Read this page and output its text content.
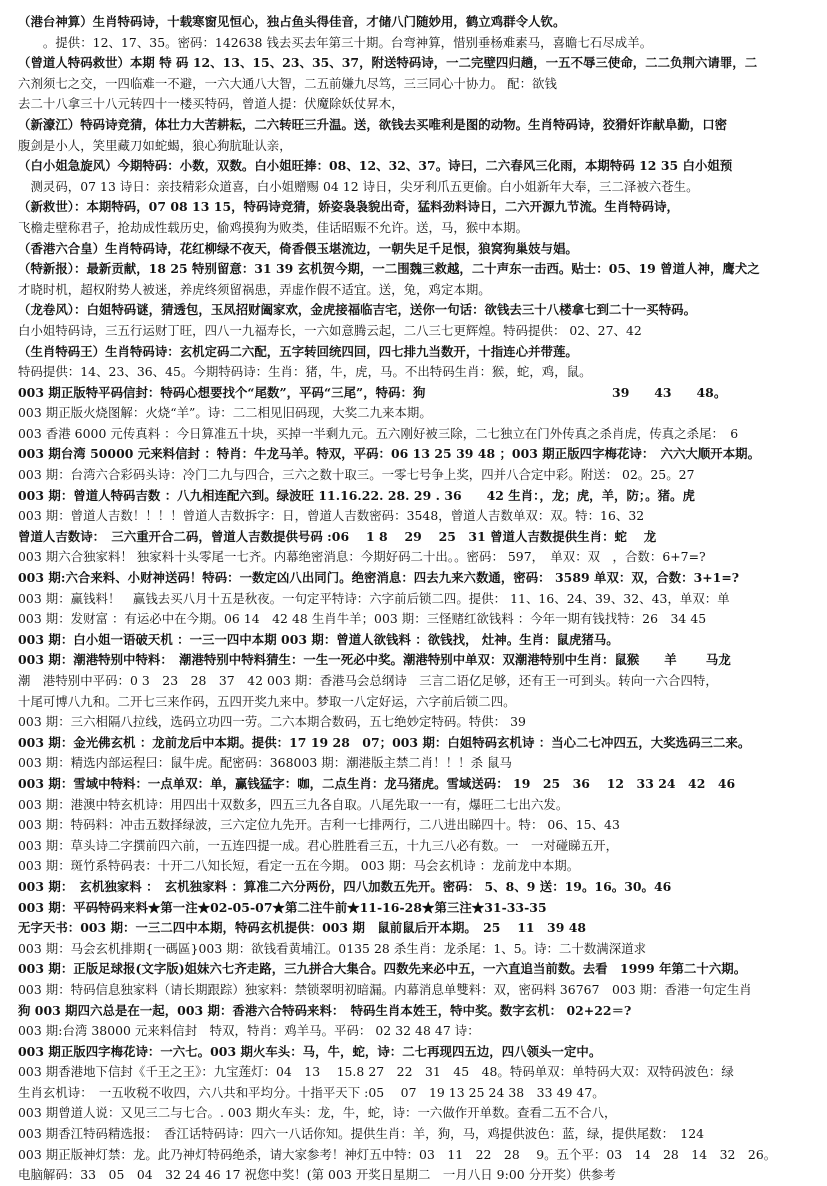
（港台神算）生肖特码诗，十载寒窗见恒心，独占鱼头得佳音，才储八门随妙用，鹤立鸡群令人钦。
　　。提供：12、17、35。密码：142638 钱去买去年第三十期。台弯神算，惜别垂杨难素马，喜瞻七石尽成羊。
（曾道人特码救世）本期 特 码 12、13、15、23、35、37，附送特码诗，一二完壁四归趟，一五不辱三使命，二二负荆六请罪，二
六剂须七之交，一四临难一不避，一六大通八大智，二五前嫌九尽笃，三三同心十协力。 配：欲钱
去二十八拿三十八元转四十一楼买特码，曾道人提：伏魔除妖仗昇木，
（新濠江）特码诗竞猜，体壮力大苦耕耘，二六转旺三升温。送，欲钱去买唯利是图的动物。生肖特码诗，狡猾奸诈献阜勤，口密
腹剑是小人，笑里藏刀如蛇蝎，狼心狗肮耻认亲，
（白小姐急旋风）今期特码：小数，双数。白小姐旺捧：08、12、32、37。诗曰，二六春风三化雨，本期特码 12 35 白小姐预
　测灵码，07 13 诗日：亲技精彩众道喜，白小姐赠赐 04 12 诗日，尖牙利爪五更偷。白小姐新年大奉，三二泽被六苍生。
（新救世）：本期特码，07 08 13 15，特码诗竞猜，娇姿袅袅貌出奇，猛料劲料诗日，二六开源九节流。生肖特码诗，
飞檐走壁称君子，抢劫成性载历史，偷鸡摸狗为败类，佳话昭赈不允许。送，马，猴中本期。
（香港六合皇）生肖特码诗，花红柳绿不夜天，倚香偎玉堪流边，一朝失足千足恨，狼窝狗巢妓与娼。
（特新报）：最新贡献，18 25 特别留意：31 39 玄机贺今期，一二围魏三救越，二十声东一击西。贴士：05、19 曾道人神，鹰犬之
才晓时机，超权附势人被迷，养虎终须留祸患，弄虚作假不适宜。送，兔，鸡定本期。
（龙卷风）：白姐特码谜，猜透包，玉凤招财阖家欢，金虎接福临吉宅，送你一句话：欲钱去三十八楼拿七到二十一买特码。
白小姐特码诗，三五行运财丁旺，四八一九福寿长，一六如意腾云起，二八三七更辉煌。特码提供： 02、27、42
（生肖特码王）生肖特码诗：玄机定码二六配，五字转回统四回，四七排九当数开，十指连心并带莲。
特码提供：14、23、36、45。今期特码诗：生肖：猪，牛，虎，马。不出特码生肖：猴，蛇，鸡，鼠。
003 期正版特平码信封：特码心想要找个“尾数”，平码“三尾”，特码：狗　　　　　　　　　　　　　　　39　　43　　48。
003 期正版火烧图解：火烧“羊”。诗：二二相见旧码现，大奖二九来本期。
003 香港 6000 元传真料 ：今日算准五十块，买掉一半剩九元。五六刚好被三除，二七独立在门外传真之杀肖虎，传真之杀尾：　6
003 期台湾 50000 元来料信封 ：特肖：牛龙马羊。特双，平码：06 13 25 39 48 ；003 期正版四字梅花诗：　六六大顺开本期。
003 期：台湾六合彩码头诗：冷门二九与四合，三六之数十取三。一零七号争上奖，四并八合定中彩。附送： 02。25。27
003 期：曾道人特码吉数 ：八九相连配六到。绿波旺 11.16.22. 28. 29 . 36　　42 生肖：，龙；虎，羊，防；。猪。虎
003 期：曾道人吉数！！！！曾道人吉数拆字：日，曾道人吉数密码：3548，曾道人吉数单双：双。特：16、32
曾道人吉数诗：　三六重开合二码，曾道人吉数提供号码 :06　 1 8　 29　 25　31 曾道人吉数提供生肖：蛇　 龙
003 期六合独家料！ 独家料十头零尾一七齐。内幕绝密消息：今期好码二十出。。密码： 597，　单双：双　，合数：6+7=?
003 期:六合来料、小财神送码！特码：一数定凶八出同门。绝密消息：四去九来六数通，密码： 3589 单双：双，合数：3+1=?
003 期：赢钱料！　赢钱去买八月十五是秋夜。一句定平特诗：六字前后锁二四。提供： 11、16、24、39、32、43，单双：单
003 期：发财富 ：有运必中在今期。06 14　42 48 生肖牛羊；003 期：三怪赌红欲钱料 ：今年一期有钱找特：26　34 45
003 期：白小姐一语破天机 ：一三一四中本期 003 期：曾道人欲钱料 ：欲钱找， 灶神。生肖：鼠虎猪马。
003 期：潮港特别中特料：　潮港特别中特料猜生：一生一死必中奖。潮港特别中单双：双潮港特别中生肖：鼠猴　　羊　　 马龙
潮　港特别中平码：0 3　23　28　37　42 003 期：香港马会总纲诗　三言二语亿足够，还有王一可到头。转向一六合四特，
十尾可博八九和。二开七三来作码，五四开奖九来中。梦取一八定好运，六字前后锁二四。
003 期：三六相隔八拉线，选码立功四一劳。二六本期合数码，五七绝妙定特码。特供： 39
003 期：金光佛玄机 ：龙前龙后中本期。提供：17 19 28　07；003 期：白姐特码玄机诗 ：当心二七冲四五，大奖选码三二来。
003 期：精选内部运程曰：鼠牛虎。配密码：368003 期：潮港版主禁二肖！！！杀 鼠马
003 期：雪域中特料：一点单双：单，赢钱猛字：咖，二点生肖：龙马猪虎。雪域送码： 19　25　36　 12　33 24　42　46
003 期：港澳中特玄机诗：用四出十双数多，四五三九各自取。八尾先取一一有，爆旺二七出六发。
003 期：特码料：冲击五数择绿波，三六定位九先开。吉利一七排两行，二八进出睇四十。特： 06、15、43
003 期：草头诗二字撰前四六前，一五连四提一成。君心胜胜看三五，十九三八必有数。一　一对碰睇五开，
003 期：斑竹系特码表：十开二八知长短，看定一五在今期。 003 期：马会玄机诗 ：龙前龙中本期。
003 期：　玄机独家料 ：　玄机独家料 ：算准二六分两份，四八加数五先开。密码： 5、8、9 送：19。16。30。46
003 期：平码特码来料★第一注★02-05-07★第二注牛前★11-16-28★第三注★31-33-35
无字天书：003 期：一三二四中本期，特码玄机提供：003 期　鼠前鼠后开本期。　25　 11　39 48
003 期：马会玄机排期{一碼區}003 期：欲钱看黄埔江。0135 28 杀生肖：龙杀尾：1、5。诗：二十数满深道求
003 期：正版足球报(文字版)姐妹六七齐走路，三九拼合大集合。四数先来必中五，一六直追当前数。去看　1999 年第二十六期。
003 期：特码信息独家料（请长期跟踪）独家料：禁锁翠明初暗漏。内幕消息单雙料：双，密码料 36767　003 期：香港一句定生肖
狗 003 期四六总是在一起，003 期：香港六合特码来料：　特码生肖本姓王，特中奖。数字玄机： 02+22＝?
003 期:台湾 38000 元来料信封　特双，特肖：鸡羊马。平码： 02 32 48 47 诗：
003 期正版四字梅花诗：一六七。003 期火车头：马，牛，蛇，诗：二七再现四五边，四八领头一定中。
003 期香港地下信封《千王之王》：九宝莲灯：04　13　 15.8 27　22　31　45　48。特码单双：单特码大双：双特码波色：绿
生肖玄机诗：　一五收税不收四，六八共和平均分。十指平天下 :05　 07　19 13 25 24 38　33 49 47。
003 期曾道人说：又见三二与七合。. 003 期火车头：龙，牛，蛇，诗：一六做作开单数。查看二五不合八，
003 期香江特码精选报：　香江话特码诗：四六一八话你知。提供生肖：羊，狗，马，鸡提供波色：蓝，绿，提供尾数：　124
003 期正版神灯禁：龙。此乃神灯特码绝杀，请大家参考！神灯五中特：03　11　22　28　 9。五个平：03　14　28　14　32　26。
电脑解码：33　05　04　32 24 46 17 祝您中奖！(第 003 开奖日星期二　一月八日 9:00 分开奖）供参考
